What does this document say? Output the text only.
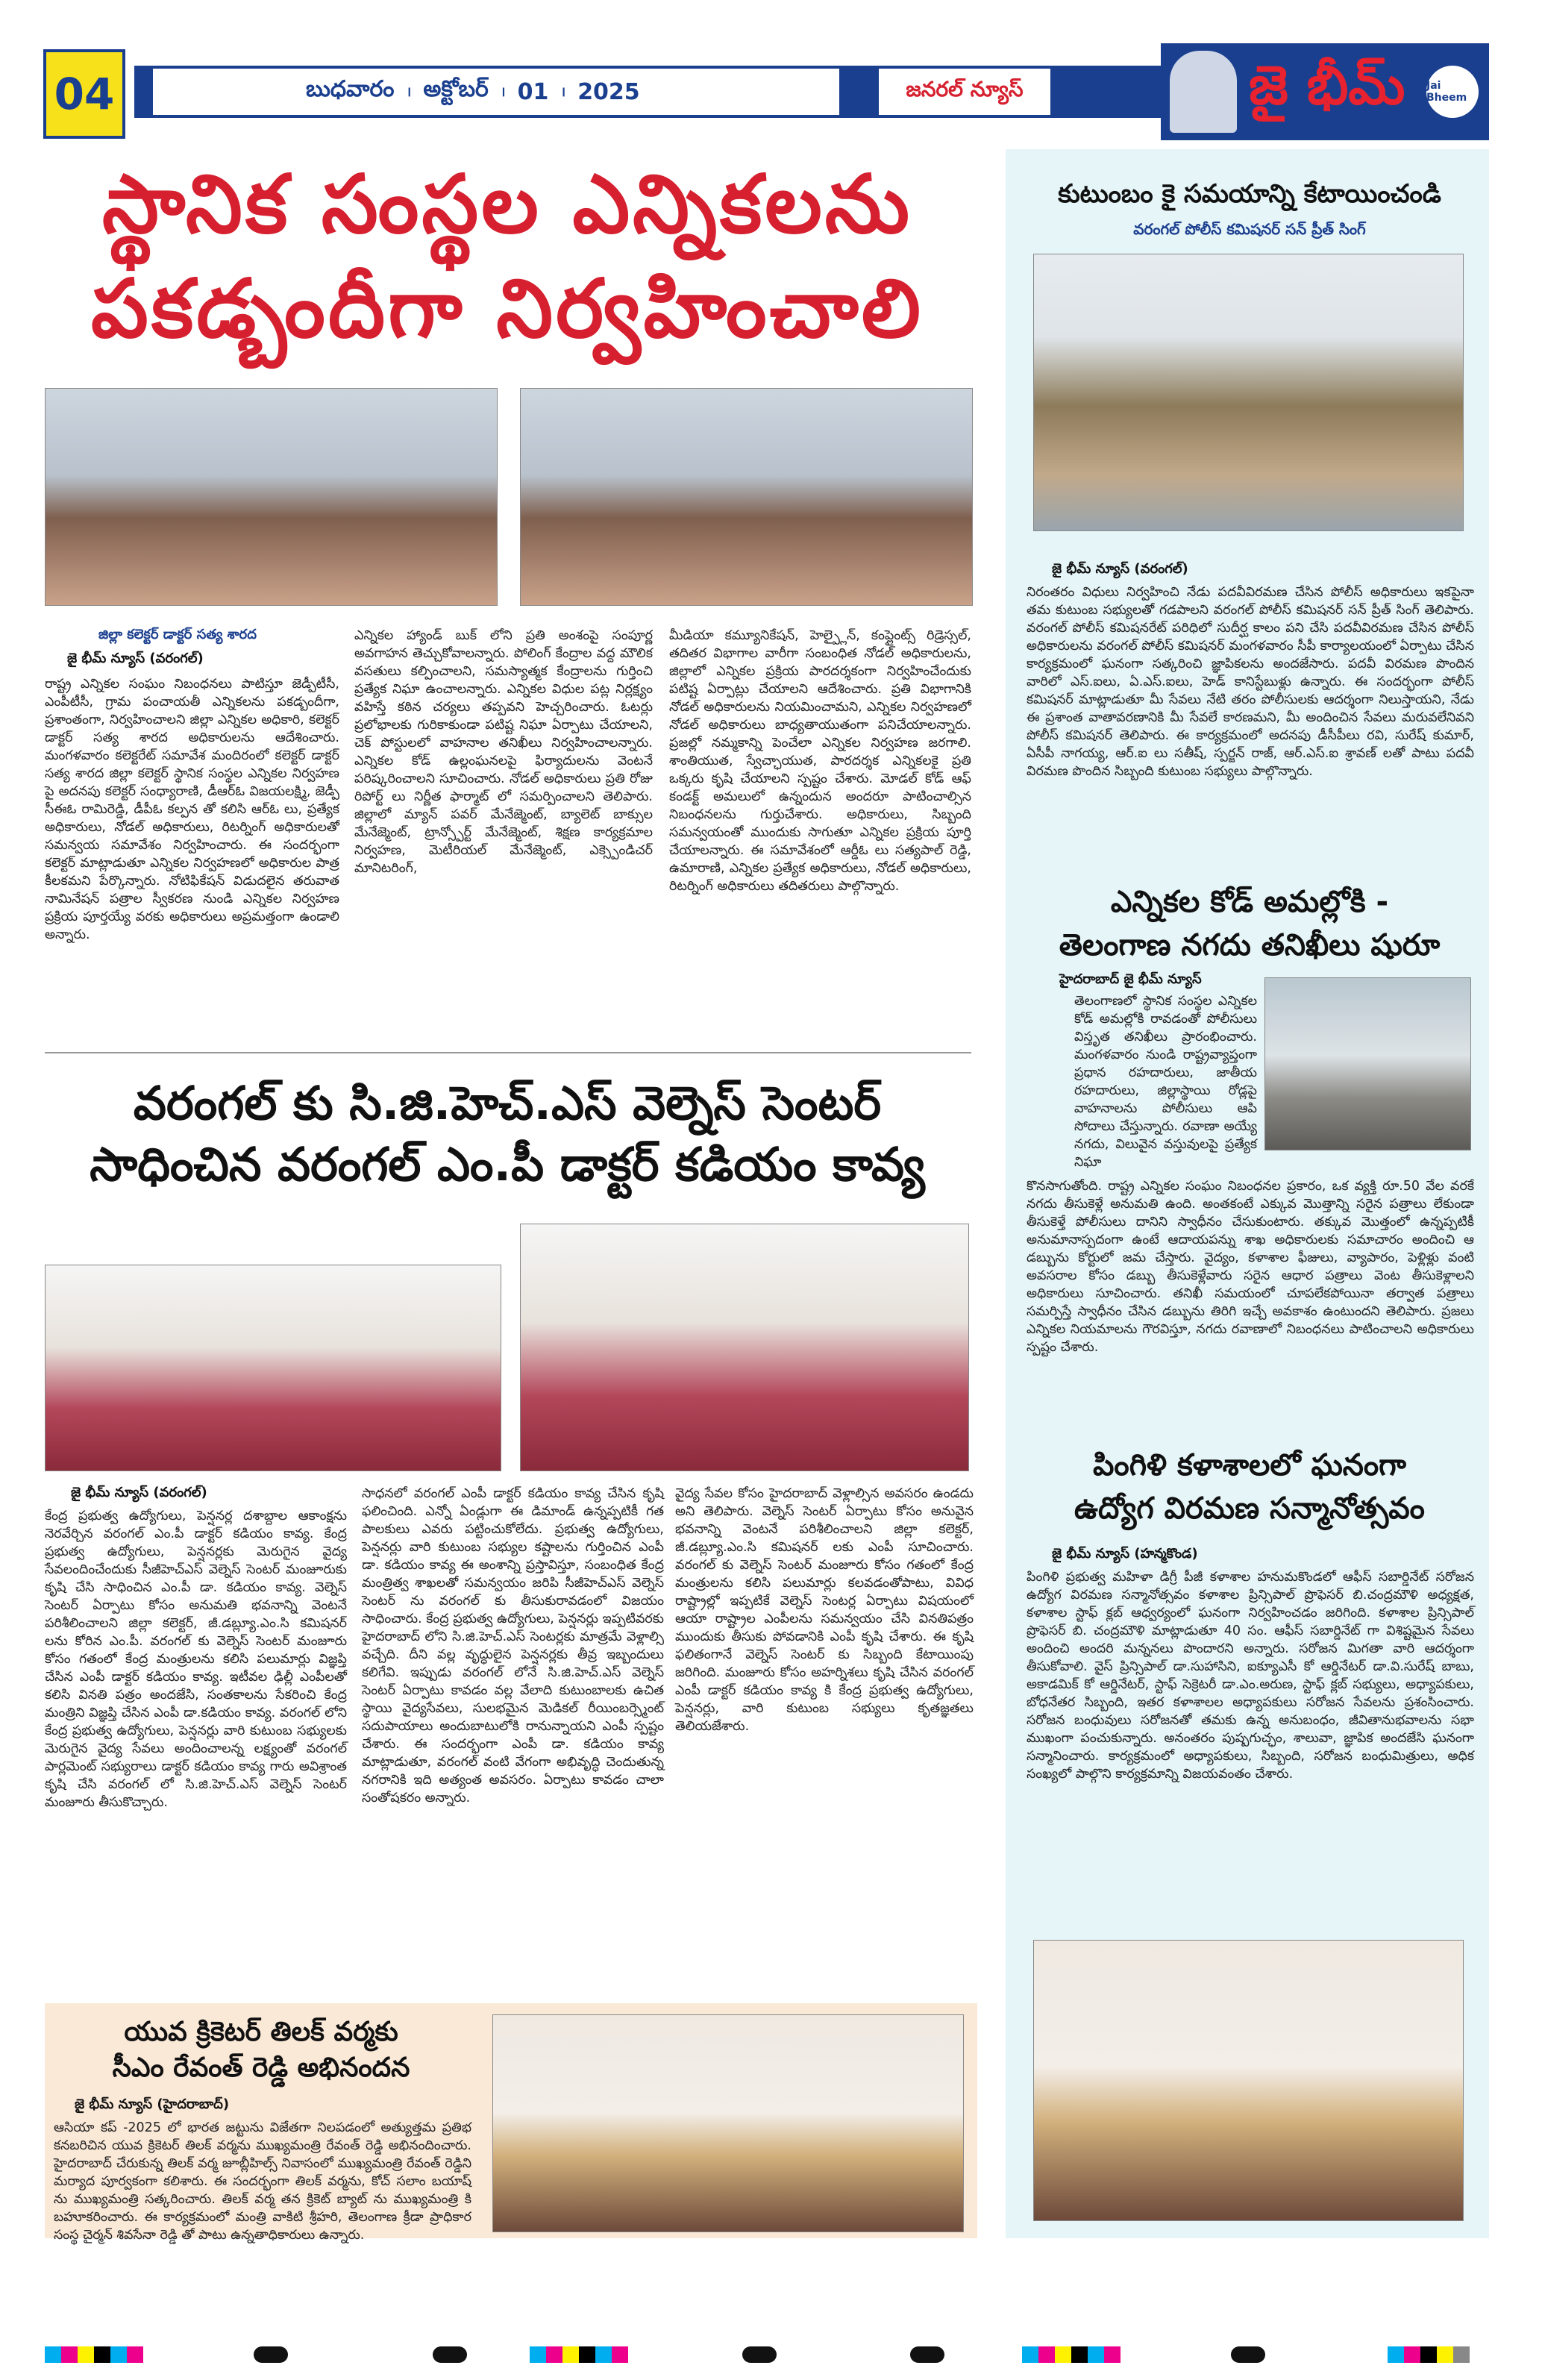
04	బుధవారం । అక్టోబర్ । 01 । 2025	జనరల్ న్యూస్	జై భీమ్ Jai Bheem
స్థానిక సంస్థల ఎన్నికలను
పకడ్బందీగా నిర్వహించాలి
జిల్లా కలెక్టర్ డాక్టర్ సత్య శారద
జై భీమ్ న్యూస్ (వరంగల్)
రాష్ట్ర ఎన్నికల సంఘం నిబంధనలు పాటిస్తూ జెడ్పీటీసీ, ఎంపీటీసీ, గ్రామ పంచాయతీ ఎన్నికలను పకడ్బందీగా, ప్రశాంతంగా, నిర్వహించాలని జిల్లా ఎన్నికల అధికారి, కలెక్టర్ డాక్టర్ సత్య శారద అధికారులను ఆదేశించారు. మంగళవారం కలెక్టరేట్ సమావేశ మందిరంలో కలెక్టర్ డాక్టర్ సత్య శారద జిల్లా కలెక్టర్ స్థానిక సంస్థల ఎన్నికల నిర్వహణ పై అదనపు కలెక్టర్ సంధ్యారాణి, డీఆర్ఓ విజయలక్ష్మి, జెడ్పీ సీఈఓ రామిరెడ్డి, డీపీఓ కల్పన తో కలిసి ఆర్ఓ లు, ప్రత్యేక అధికారులు, నోడల్ అధికారులు, రిటర్నింగ్ అధికారులతో సమన్వయ సమావేశం నిర్వహించారు. ఈ సందర్భంగా కలెక్టర్ మాట్లాడుతూ ఎన్నికల నిర్వహణలో అధికారుల పాత్ర కీలకమని పేర్కొన్నారు. నోటిఫికేషన్ విడుదలైన తరువాత నామినేషన్ పత్రాల స్వీకరణ నుండి ఎన్నికల నిర్వహణ ప్రక్రియ పూర్తయ్యే వరకు అధికారులు అప్రమత్తంగా ఉండాలి అన్నారు.
ఎన్నికల హ్యాండ్ బుక్ లోని ప్రతి అంశంపై సంపూర్ణ అవగాహన తెచ్చుకోవాలన్నారు. పోలింగ్ కేంద్రాల వద్ద మౌలిక వసతులు కల్పించాలని, సమస్యాత్మక కేంద్రాలను గుర్తించి ప్రత్యేక నిఘా ఉంచాలన్నారు. ఎన్నికల విధుల పట్ల నిర్లక్ష్యం వహిస్తే కఠిన చర్యలు తప్పవని హెచ్చరించారు. ఓటర్లు ప్రలోభాలకు గురికాకుండా పటిష్ట నిఘా ఏర్పాటు చేయాలని, చెక్ పోస్టులలో వాహనాల తనిఖీలు నిర్వహించాలన్నారు. ఎన్నికల కోడ్ ఉల్లంఘనలపై ఫిర్యాదులను వెంటనే పరిష్కరించాలని సూచించారు. నోడల్ అధికారులు ప్రతి రోజు రిపోర్ట్ లు నిర్ణీత ఫార్మాట్ లో సమర్పించాలని తెలిపారు. జిల్లాలో మ్యాన్ పవర్ మేనేజ్మెంట్, బ్యాలెట్ బాక్సుల మేనేజ్మెంట్, ట్రాన్స్పోర్ట్ మేనేజ్మెంట్, శిక్షణ కార్యక్రమాల నిర్వహణ, మెటీరియల్ మేనేజ్మెంట్, ఎక్స్పెండిచర్ మానిటరింగ్,
మీడియా కమ్యూనికేషన్, హెల్ప్లైన్, కంప్లైంట్స్ రిడ్రెస్సల్, తదితర విభాగాల వారీగా సంబంధిత నోడల్ అధికారులను, జిల్లాలో ఎన్నికల ప్రక్రియ పారదర్శకంగా నిర్వహించేందుకు పటిష్ట ఏర్పాట్లు చేయాలని ఆదేశించారు. ప్రతి విభాగానికి నోడల్ అధికారులను నియమించామని, ఎన్నికల నిర్వహణలో నోడల్ అధికారులు బాధ్యతాయుతంగా పనిచేయాలన్నారు. ప్రజల్లో నమ్మకాన్ని పెంచేలా ఎన్నికల నిర్వహణ జరగాలి. శాంతియుత, స్వేచ్ఛాయుత, పారదర్శక ఎన్నికలకై ప్రతి ఒక్కరు కృషి చేయాలని స్పష్టం చేశారు. మోడల్ కోడ్ ఆఫ్ కండక్ట్ అమలులో ఉన్నందున అందరూ పాటించాల్సిన నిబంధనలను గుర్తుచేశారు. అధికారులు, సిబ్బంది సమన్వయంతో ముందుకు సాగుతూ ఎన్నికల ప్రక్రియ పూర్తి చేయాలన్నారు. ఈ సమావేశంలో ఆర్డీఓ లు సత్యపాల్ రెడ్డి, ఉమారాణి, ఎన్నికల ప్రత్యేక అధికారులు, నోడల్ అధికారులు, రిటర్నింగ్ అధికారులు తదితరులు పాల్గొన్నారు.
వరంగల్ కు సి.జి.హెచ్.ఎస్ వెల్నెస్ సెంటర్
సాధించిన వరంగల్ ఎం.పీ డాక్టర్ కడియం కావ్య
జై భీమ్ న్యూస్ (వరంగల్)
కేంద్ర ప్రభుత్వ ఉద్యోగులు, పెన్షనర్ల దశాబ్దాల ఆకాంక్షను నెరవేర్చిన వరంగల్ ఎం.పీ డాక్టర్ కడియం కావ్య. కేంద్ర ప్రభుత్వ ఉద్యోగులు, పెన్షనర్లకు మెరుగైన వైద్య సేవలందించేందుకు సీజీహెచ్ఎస్ వెల్నెస్ సెంటర్ మంజూరుకు కృషి చేసి సాధించిన ఎం.పీ డా. కడియం కావ్య. వెల్నెస్ సెంటర్ ఏర్పాటు కోసం అనుమతి భవనాన్ని వెంటనే పరిశీలించాలని జిల్లా కలెక్టర్, జీ.డబ్ల్యూ.ఎం.సి కమిషనర్ లను కోరిన ఎం.పీ. వరంగల్ కు వెల్నెస్ సెంటర్ మంజూరు కోసం గతంలో కేంద్ర మంత్రులను కలిసి పలుమార్లు విజ్ఞప్తి చేసిన ఎంపీ డాక్టర్ కడియం కావ్య. ఇటీవల ఢిల్లీ ఎంపీలతో కలిసి వినతి పత్రం అందజేసి, సంతకాలను సేకరించి కేంద్ర మంత్రిని విజ్ఞప్తి చేసిన ఎంపీ డా.కడియం కావ్య. వరంగల్ లోని కేంద్ర ప్రభుత్వ ఉద్యోగులు, పెన్షనర్లు వారి కుటుంబ సభ్యులకు మెరుగైన వైద్య సేవలు అందించాలన్న లక్ష్యంతో వరంగల్ పార్లమెంట్ సభ్యురాలు డాక్టర్ కడియం కావ్య గారు అవిశ్రాంత కృషి చేసి వరంగల్ లో సి.జి.హెచ్.ఎస్ వెల్నెస్ సెంటర్ మంజూరు తీసుకొచ్చారు.
సాధనలో వరంగల్ ఎంపీ డాక్టర్ కడియం కావ్య చేసిన కృషి ఫలించింది. ఎన్నో ఏండ్లుగా ఈ డిమాండ్ ఉన్నప్పటికీ గత పాలకులు ఎవరు పట్టించుకోలేదు. ప్రభుత్వ ఉద్యోగులు, పెన్షనర్లు వారి కుటుంబ సభ్యుల కష్టాలను గుర్తించిన ఎంపీ డా. కడియం కావ్య ఈ అంశాన్ని ప్రస్తావిస్తూ, సంబంధిత కేంద్ర మంత్రిత్వ శాఖలతో సమన్వయం జరిపి సీజీహెచ్ఎస్ వెల్నెస్ సెంటర్ ను వరంగల్ కు తీసుకురావడంలో విజయం సాధించారు. కేంద్ర ప్రభుత్వ ఉద్యోగులు, పెన్షనర్లు ఇప్పటివరకు హైదరాబాద్ లోని సి.జి.హెచ్.ఎస్ సెంటర్లకు మాత్రమే వెళ్లాల్సి వచ్చేది. దీని వల్ల వృద్ధులైన పెన్షనర్లకు తీవ్ర ఇబ్బందులు కలిగేవి. ఇప్పుడు వరంగల్ లోనే సి.జి.హెచ్.ఎస్ వెల్నెస్ సెంటర్ ఏర్పాటు కావడం వల్ల వేలాది కుటుంబాలకు ఉచిత స్థాయి వైద్యసేవలు, సులభమైన మెడికల్ రీయింబర్స్మెంట్ సదుపాయాలు అందుబాటులోకి రానున్నాయని ఎంపీ స్పష్టం చేశారు. ఈ సందర్భంగా ఎంపీ డా. కడియం కావ్య మాట్లాడుతూ, వరంగల్ వంటి వేగంగా అభివృద్ధి చెందుతున్న నగరానికి ఇది అత్యంత అవసరం. ఏర్పాటు కావడం చాలా సంతోషకరం అన్నారు.
వైద్య సేవల కోసం హైదరాబాద్ వెళ్లాల్సిన అవసరం ఉండదు అని తెలిపారు. వెల్నెస్ సెంటర్ ఏర్పాటు కోసం అనువైన భవనాన్ని వెంటనే పరిశీలించాలని జిల్లా కలెక్టర్, జీ.డబ్ల్యూ.ఎం.సి కమిషనర్ లకు ఎంపీ సూచించారు. వరంగల్ కు వెల్నెస్ సెంటర్ మంజూరు కోసం గతంలో కేంద్ర మంత్రులను కలిసి పలుమార్లు కలవడంతోపాటు, వివిధ రాష్ట్రాల్లో ఇప్పటికే వెల్నెస్ సెంటర్ల ఏర్పాటు విషయంలో ఆయా రాష్ట్రాల ఎంపీలను సమన్వయం చేసి వినతిపత్రం ముందుకు తీసుకు పోవడానికి ఎంపీ కృషి చేశారు. ఈ కృషి ఫలితంగానే వెల్నెస్ సెంటర్ కు సిబ్బంది కేటాయింపు జరిగింది. మంజూరు కోసం అహర్నిశలు కృషి చేసిన వరంగల్ ఎంపీ డాక్టర్ కడియం కావ్య కి కేంద్ర ప్రభుత్వ ఉద్యోగులు, పెన్షనర్లు, వారి కుటుంబ సభ్యులు కృతజ్ఞతలు తెలియజేశారు.
యువ క్రికెటర్ తిలక్ వర్మకు
సీఎం రేవంత్ రెడ్డి అభినందన
జై భీమ్ న్యూస్ (హైదరాబాద్)
ఆసియా కప్ -2025 లో భారత జట్టును విజేతగా నిలపడంలో అత్యుత్తమ ప్రతిభ కనబరిచిన యువ క్రికెటర్ తిలక్ వర్మను ముఖ్యమంత్రి రేవంత్ రెడ్డి అభినందించారు. హైదరాబాద్ చేరుకున్న తిలక్ వర్మ జూబ్లీహిల్స్ నివాసంలో ముఖ్యమంత్రి రేవంత్ రెడ్డిని మర్యాద పూర్వకంగా కలిశారు. ఈ సందర్భంగా తిలక్ వర్మను, కోచ్ సలాం బయాష్ ను ముఖ్యమంత్రి సత్కరించారు. తిలక్ వర్మ తన క్రికెట్ బ్యాట్ ను ముఖ్యమంత్రి కి బహూకరించారు. ఈ కార్యక్రమంలో మంత్రి వాకిటి శ్రీహరి, తెలంగాణ క్రీడా ప్రాధికార సంస్థ చైర్మన్ శివసేనా రెడ్డి తో పాటు ఉన్నతాధికారులు ఉన్నారు.
కుటుంబం కై సమయాన్ని కేటాయించండి
వరంగల్ పోలీస్ కమిషనర్ సన్ ప్రీత్ సింగ్
జై భీమ్ న్యూస్ (వరంగల్)
నిరంతరం విధులు నిర్వహించి నేడు పదవీవిరమణ చేసిన పోలీస్ అధికారులు ఇకపైనా తమ కుటుంబ సభ్యులతో గడపాలని వరంగల్ పోలీస్ కమిషనర్ సన్ ప్రీత్ సింగ్ తెలిపారు. వరంగల్ పోలీస్ కమిషనరేట్ పరిధిలో సుదీర్ఘ కాలం పని చేసి పదవీవిరమణ చేసిన పోలీస్ అధికారులను వరంగల్ పోలీస్ కమిషనర్ మంగళవారం సీపీ కార్యాలయంలో ఏర్పాటు చేసిన కార్యక్రమంలో ఘనంగా సత్కరించి జ్ఞాపికలను అందజేసారు. పదవీ విరమణ పొందిన వారిలో ఎస్.ఐలు, ఏ.ఎస్.ఐలు, హెడ్ కానిస్టేబుళ్లు ఉన్నారు. ఈ సందర్భంగా పోలీస్ కమిషనర్ మాట్లాడుతూ మీ సేవలు నేటి తరం పోలీసులకు ఆదర్శంగా నిలుస్తాయని, నేడు ఈ ప్రశాంత వాతావరణానికి మీ సేవలే కారణమని, మీ అందించిన సేవలు మరువలేనివని పోలీస్ కమిషనర్ తెలిపారు. ఈ కార్యక్రమంలో అదనపు డీసీపీలు రవి, సురేష్ కుమార్, ఏసీపీ నాగయ్య, ఆర్.ఐ లు సతీష్, స్పర్జన్ రాజ్, ఆర్.ఎస్.ఐ శ్రావణ్ లతో పాటు పదవీ విరమణ పొందిన సిబ్బంది కుటుంబ సభ్యులు పాల్గొన్నారు.
ఎన్నికల కోడ్ అమల్లోకి -
తెలంగాణ నగదు తనిఖీలు షురూ
హైదరాబాద్ జై భీమ్ న్యూస్
తెలంగాణలో స్థానిక సంస్థల ఎన్నికల కోడ్ అమల్లోకి రావడంతో పోలీసులు విస్తృత తనిఖీలు ప్రారంభించారు. మంగళవారం నుండి రాష్ట్రవ్యాప్తంగా ప్రధాన రహదారులు, జాతీయ రహదారులు, జిల్లాస్థాయి రోడ్లపై వాహనాలను పోలీసులు ఆపి సోదాలు చేస్తున్నారు. రవాణా అయ్యే నగదు, విలువైన వస్తువులపై ప్రత్యేక నిఘా
కొనసాగుతోంది. రాష్ట్ర ఎన్నికల సంఘం నిబంధనల ప్రకారం, ఒక వ్యక్తి రూ.50 వేల వరకే నగదు తీసుకెళ్లే అనుమతి ఉంది. అంతకంటే ఎక్కువ మొత్తాన్ని సరైన పత్రాలు లేకుండా తీసుకెళ్తే పోలీసులు దానిని స్వాధీనం చేసుకుంటారు. తక్కువ మొత్తంలో ఉన్నప్పటికీ అనుమానాస్పదంగా ఉంటే ఆదాయపన్ను శాఖ అధికారులకు సమాచారం అందించి ఆ డబ్బును కోర్టులో జమ చేస్తారు. వైద్యం, కళాశాల ఫీజులు, వ్యాపారం, పెళ్లిళ్లు వంటి అవసరాల కోసం డబ్బు తీసుకెళ్లేవారు సరైన ఆధార పత్రాలు వెంట తీసుకెళ్లాలని అధికారులు సూచించారు. తనిఖీ సమయంలో చూపలేకపోయినా తర్వాత పత్రాలు సమర్పిస్తే స్వాధీనం చేసిన డబ్బును తిరిగి ఇచ్చే అవకాశం ఉంటుందని తెలిపారు. ప్రజలు ఎన్నికల నియమాలను గౌరవిస్తూ, నగదు రవాణాలో నిబంధనలు పాటించాలని అధికారులు స్పష్టం చేశారు.
పింగిళి కళాశాలలో ఘనంగా
ఉద్యోగ విరమణ సన్మానోత్సవం
జై భీమ్ న్యూస్ (హన్మకొండ)
పింగిళి ప్రభుత్వ మహిళా డిగ్రీ పీజీ కళాశాల హనుమకొండలో ఆఫీస్ సబార్డినేట్ సరోజన ఉద్యోగ విరమణ సన్మానోత్సవం కళాశాల ప్రిన్సిపాల్ ప్రొఫెసర్ బి.చంద్రమౌళి అధ్యక్షత, కళాశాల స్టాఫ్ క్లబ్ ఆధ్వర్యంలో ఘనంగా నిర్వహించడం జరిగింది. కళాశాల ప్రిన్సిపాల్ ప్రొఫెసర్ బి. చంద్రమౌళి మాట్లాడుతూ 40 సం. ఆఫీస్ సబార్డినేట్ గా విశిష్టమైన సేవలు అందించి అందరి మన్ననలు పొందారని అన్నారు. సరోజన మిగతా వారి ఆదర్శంగా తీసుకోవాలి. వైస్ ప్రిన్సిపాల్ డా.సుహాసిని, ఐక్యూఎసీ కో ఆర్డినేటర్ డా.వి.సురేష్ బాబు, అకాడమిక్ కో ఆర్డినేటర్, స్టాఫ్ సెక్రెటరీ డా.ఎం.అరుణ, స్టాఫ్ క్లబ్ సభ్యులు, అధ్యాపకులు, బోధనేతర సిబ్బంది, ఇతర కళాశాలల అధ్యాపకులు సరోజన సేవలను ప్రశంసించారు. సరోజన బంధువులు సరోజనతో తమకు ఉన్న అనుబంధం, జీవితానుభవాలను సభా ముఖంగా పంచుకున్నారు. అనంతరం పుష్పగుచ్ఛం, శాలువా, జ్ఞాపిక అందజేసి ఘనంగా సన్మానించారు. కార్యక్రమంలో అధ్యాపకులు, సిబ్బంది, సరోజన బంధుమిత్రులు, అధిక సంఖ్యలో పాల్గొని కార్యక్రమాన్ని విజయవంతం చేశారు.
